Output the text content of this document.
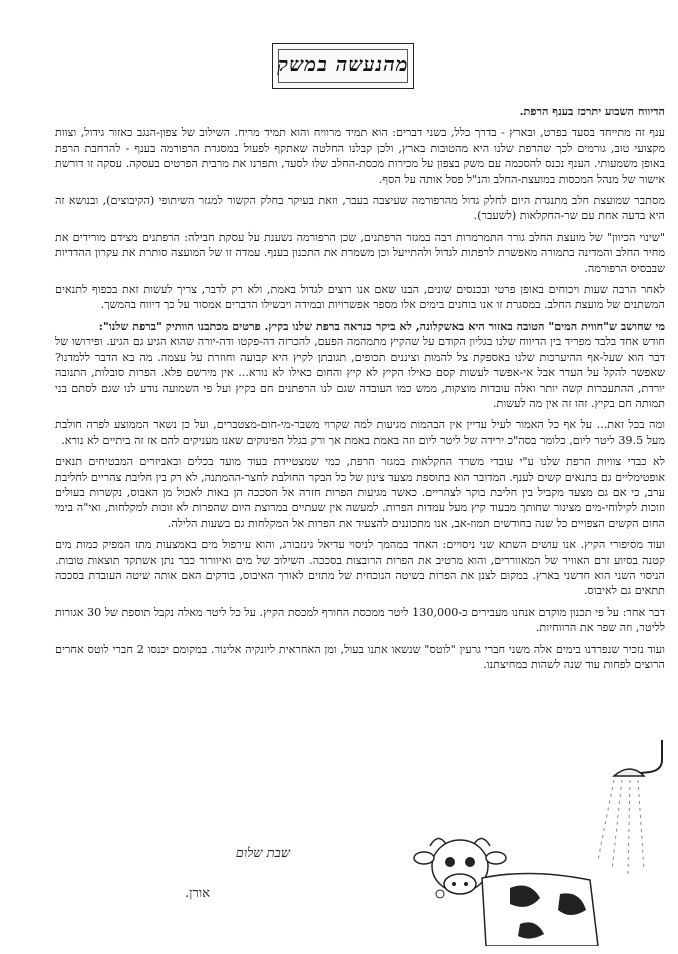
מהנעשה במשק

הדיווח השבוע יתרכז בענף הרפת.

ענף זה מתייחד בסעד בפרט, ובארץ - בדרך כלל, בשני דברים: הוא תמיד מרוויח והוא תמיד מריח. השילוב של צפון-הנגב כאזור גידול, וצוות מקצועי טוב, גורמים לכך שהרפת שלנו היא מהטובות בארץ, ולכן קבלנו החלטה שאתקף לפעול במסגרת הרפורמה בענף - להרחבת הרפת באופן משמעותי. הענף נכנס להסכמה עם משק בצפון על מכירות מכסת-החלב שלו לסעד, ותפרנו את מרבית הפרטים בעסקה. עסקה זו דורשת אישור של מנהל המכסות במועצת-החלב והנ"ל פסל אותה על הסף.

מסתבר שמועצת חלב מתנגדת היום לחלק גדול מהרפורמה שעיצבה בעבר, וזאת בעיקר בחלק הקשור למגזר השיתופי (הקיבוצים), ובנושא זה היא בדעה אחת עם שר-החקלאות (לשעבר).

"שינוי הכיוון" של מועצת החלב גורר התמרמרות רבה במגזר הרפתנים, שכן הרפורמה נשענת על עסקת חבילה: הרפתנים מצידם מורידים את מחיר החלב והמדינה בתמורה מאפשרת לרפתות לגדול ולהתייעל וכן משמרת את התכנון בענף. עמדה זו של המועצה סותרת את עקרון ההדדיות שבבסיס הרפורמה.

לאחר הרבה שעות ויכוחים באופן פרטי ובכנסים שונים, הבנו שאם אנו רוצים לגדול באמת, ולא רק לדבר, צריך לעשות זאת בכפוף לתנאים המשתנים של מועצת החלב. במסגרת זו אנו בוחנים בימים אלו מספר אפשרויות ובמידה ויבשילו הדברים אמסור על כך דיווח בהמשך.

מי שחושב ש"חווית המים" הטובה באזור היא באשקלונה, לא ביקר כנראה ברפת שלנו בקיץ. פרטים מכתבנו הוותיק "ברפת שלנו":

חודש אחד בלבד מפריד בין הדיווח שלנו בגליון הקודם על שהקיץ מתמהמה הפעם, להכרזה דה-פקטו ודה-יורה שהוא הגיע גם הגיע. ופירושו של דבר הוא שעל-אף ההיערכות שלנו באספקת צל להמות וציננים תכופים, תגובתן לקיץ היא קבועה וחוזרת על עצמה. מה בא הדבר ללמדנו? שאפשר להקל על העדר אבל אי-אפשר לעשות קסם כאילו הקיץ לא קיץ והחום כאילו לא נורא... אין מירשם פלא. הפרות סובלות, התנובה יורדת, ההתעברות קשה יותר ואלה עובדות מוצקות, ממש כמו העובדה שגם לנו הרפתנים חם בקיץ ועל פי השמועה נודע לנו שגם לסתם בני תמותה חם בקיץ. זהו זה אין מה לעשות.

ומה בכל זאת... על אף כל האמור לעיל עדיין אין הבהמות מגיעות למה שקרוי משבר-מי-חום-מצטברים, ועל כן נשאר הממוצע לפרה חולבת מעל 39.5 ליטר ליום, כלומר בסה"כ ירידה של ליטר ליום וזה באמת באמת אך ורק בגלל הפינוקים שאנו מעניקים להם אז זה ביתיים לא נורא.

לא כבדי צוויות הרפת שלנו ע"י עובדי משרד החקלאות במגזר הרפת, כמי שמצטיידת בעוד מועד בכלים ובאביזרים המבטיחים תנאים אופטימליים גם בתנאים קשים לענף. המדובר הוא בתוספת מצעד צינון של כל הבקר החולבת לחצר-ההמתנה, לא רק בין חליבת צהריים לחליבת ערב, כי אם גם מצעד מקביל בין חליבת בוקר לצהריים. כאשר מגיעות הפרות חזרה אל הסככה הן באות לאכול מן האבוס, נקשרות בעולים וזוכות לקילוחי-מים מצינור שחותך מבעוד קיץ מעל עמדות הפרות. למעשה אין שעתיים במרוצת היום שהפרות לא זוכות למקלחות, ואי"ה בימי החום הקשים הצפויים כל שנה בחודשים תמוז-אב, אנו מתכוננים להצעיד את הפרות אל המקלחות גם בשעות הלילה.

ועוד מסיפורי הקיץ. אנו עושים השתא שני ניסויים: האחד במהמך לניסוי עדיאל גינזבורג, והוא עירפול מים באמצעות מתז המפיק כמות מים קטנה בסיוע זרם האוויר של המאווררים, והוא מרטיב את הפרות הרובצות בסככה. השילוב של מים ואיוורור כבר נתן אשתקד תוצאות טובות. הניסוי השני הוא חדשני בארץ. במקום לצנן את הפרות בשיטה הנוכחית של מתזים לאורך האיבוס, בודקים האם אותה שיטה העובדת בסככה תתאים גם לאיבוס.

דבר אחר: על פי תכנון מוקדם אנחנו מעבירים כ-130,000 ליטר ממכסת החורף למכסת הקיץ. על כל ליטר מאלה נקבל תוספת של 30 אגורות לליטר, וזה שפר את הרווחיות.

ועוד נזכיר שנפרדנו בימים אלה משני חברי גרעין "לוטס" שנשאו אתנו בעול, ומן האחראית ליונקיה אלינור. במקומם יכנסו 2 חברי לוטס אחרים הרוצים לפחות עוד שנה לשהות במחיצתנו.

שבת שלום
אורן.
